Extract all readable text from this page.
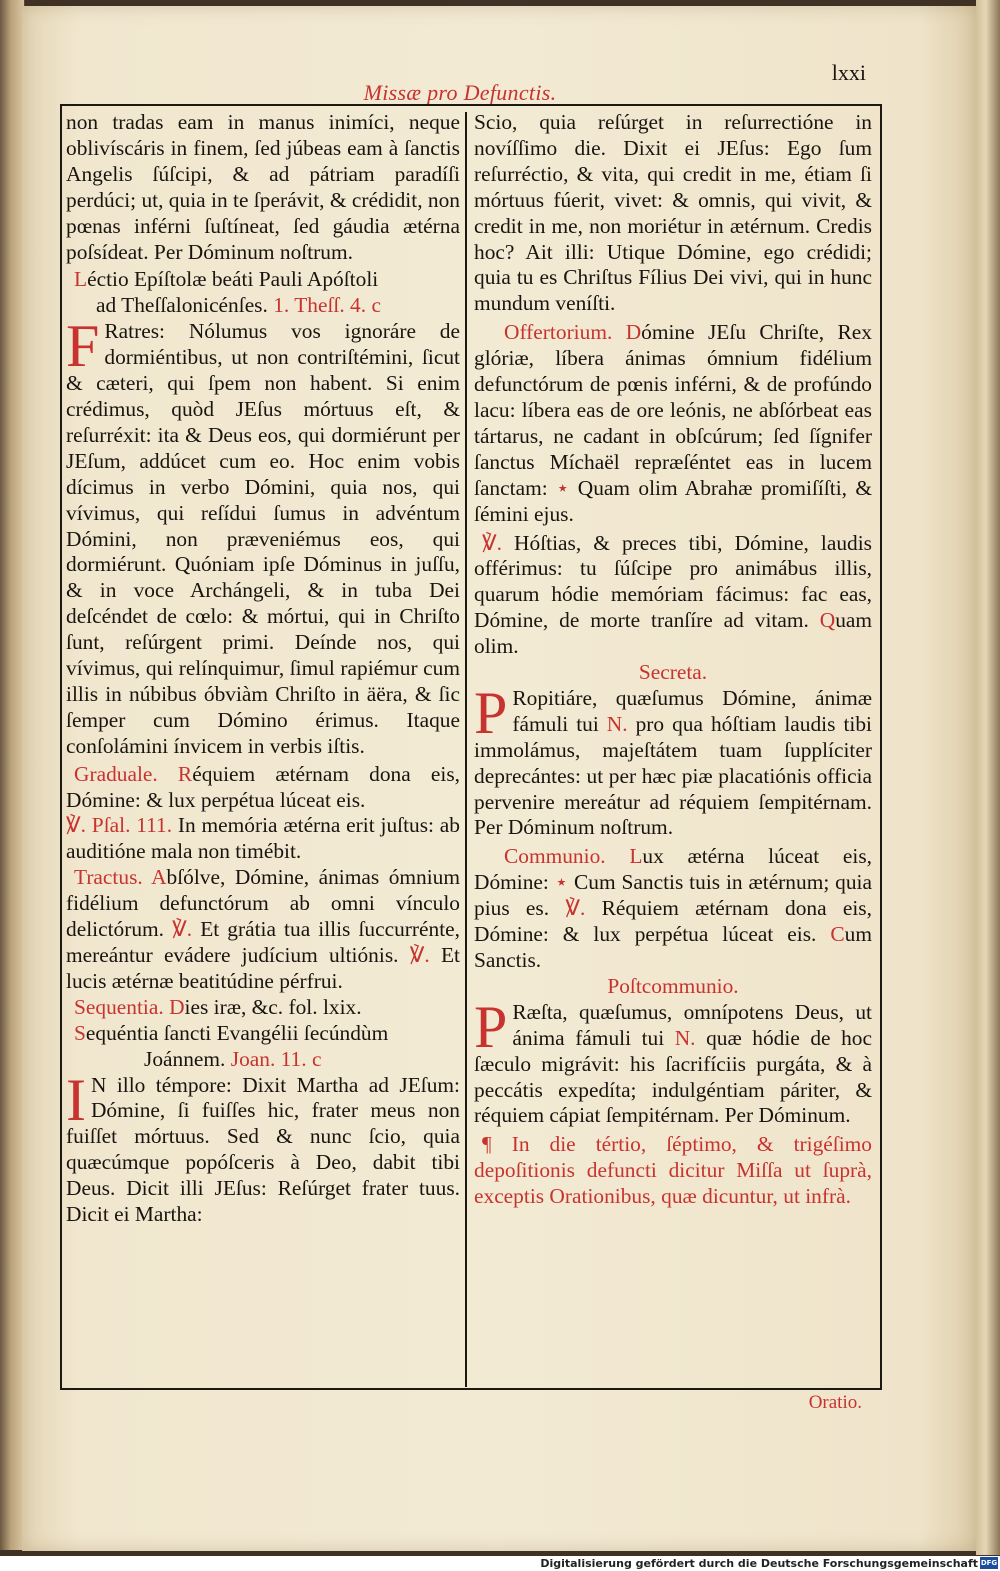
Missæ pro Defunctis.
lxxi

non tradas eam in manus inimíci, neque oblivíscáris in finem, ſed júbeas eam à ſanctis Angelis ſúſcipi, & ad pátriam paradíſi perdúci; ut, quia in te ſperávit, & crédidit, non pœnas inférni ſuſtíneat, ſed gáudia ætérna poſsídeat. Per Dóminum noſtrum.

Léctio Epíſtolæ beáti Pauli Apóſtoli
ad Theſſalonicénſes. 1. Theſſ. 4. c

F Ratres: Nólumus vos ignoráre de dormiéntibus, ut non contriſtémini, ſicut & cæteri, qui ſpem non habent. Si enim crédimus, quòd JEſus mórtuus eſt, & reſurréxit: ita & Deus eos, qui dormiérunt per JEſum, addúcet cum eo. Hoc enim vobis dícimus in verbo Dómini, quia nos, qui vívimus, qui reſídui ſumus in advéntum Dómini, non præveniémus eos, qui dormiérunt. Quóniam ipſe Dóminus in juſſu, & in voce Archángeli, & in tuba Dei deſcéndet de cœlo: & mórtui, qui in Chriſto ſunt, reſúrgent primi. Deínde nos, qui vívimus, qui relínquimur, ſimul rapiémur cum illis in núbibus óbviàm Chriſto in äëra, & ſic ſemper cum Dómino érimus. Itaque conſolámini ínvicem in verbis iſtis.

Graduale. Réquiem ætérnam dona eis, Dómine: & lux perpétua lúceat eis.

℣. Pſal. 111. In memória ætérna erit juſtus: ab auditióne mala non timébit.

Tractus. Abſólve, Dómine, ánimas ómnium fidélium defunctórum ab omni vínculo delictórum. ℣. Et grátia tua illis ſuccurrénte, mereántur evádere judícium ultiónis. ℣. Et lucis ætérnæ beatitúdine pérfrui.

Sequentia. Dies iræ, &c. fol. lxix.

Sequéntia ſancti Evangélii ſecúndùm
Joánnem. Joan. 11. c

I N illo témpore: Dixit Martha ad JEſum: Dómine, ſi fuiſſes hic, frater meus non fuiſſet mórtuus. Sed & nunc ſcio, quia quæcúmque popóſceris à Deo, dabit tibi Deus. Dicit illi JEſus: Reſúrget frater tuus. Dicit ei Martha:

Scio, quia reſúrget in reſurrectióne in novíſſimo die. Dixit ei JEſus: Ego ſum reſurréctio, & vita, qui credit in me, étiam ſi mórtuus fúerit, vivet: & omnis, qui vivit, & credit in me, non moriétur in ætérnum. Credis hoc? Ait illi: Utique Dómine, ego crédidi; quia tu es Chriſtus Fílius Dei vivi, qui in hunc mundum veníſti.

Offertorium. Dómine JEſu Chriſte, Rex glóriæ, líbera ánimas ómnium fidélium defunctórum de pœnis inférni, & de profúndo lacu: líbera eas de ore leónis, ne abſórbeat eas tártarus, ne cadant in obſcúrum; ſed ſígnifer ſanctus Míchaël repræſéntet eas in lucem ſanctam: ⋆ Quam olim Abrahæ promiſíſti, & ſémini ejus.

℣. Hóſtias, & preces tibi, Dómine, laudis offérimus: tu ſúſcipe pro animábus illis, quarum hódie memóriam fácimus: fac eas, Dómine, de morte tranſíre ad vitam. Quam olim.

Secreta.

P Ropitiáre, quæſumus Dómine, ánimæ fámuli tui N. pro qua hóſtiam laudis tibi immolámus, majeſtátem tuam ſupplíciter deprecántes: ut per hæc piæ placatiónis officia pervenire mereátur ad réquiem ſempitérnam. Per Dóminum noſtrum.

Communio. Lux ætérna lúceat eis, Dómine: ⋆ Cum Sanctis tuis in ætérnum; quia pius es. ℣. Réquiem ætérnam dona eis, Dómine: & lux perpétua lúceat eis. Cum Sanctis.

Poſtcommunio.

P Ræſta, quæſumus, omnípotens Deus, ut ánima fámuli tui N. quæ hódie de hoc ſæculo migrávit: his ſacrifíciis purgáta, & à peccátis expedíta; indulgéntiam páriter, & réquiem cápiat ſempitérnam. Per Dóminum.

¶ In die tértio, ſéptimo, & trigéſimo depoſitionis defuncti dicitur Miſſa ut ſuprà, exceptis Orationibus, quæ dicuntur, ut infrà.

Oratio.
Digitalisierung gefördert durch die Deutsche Forschungsgemeinschaft DFG
